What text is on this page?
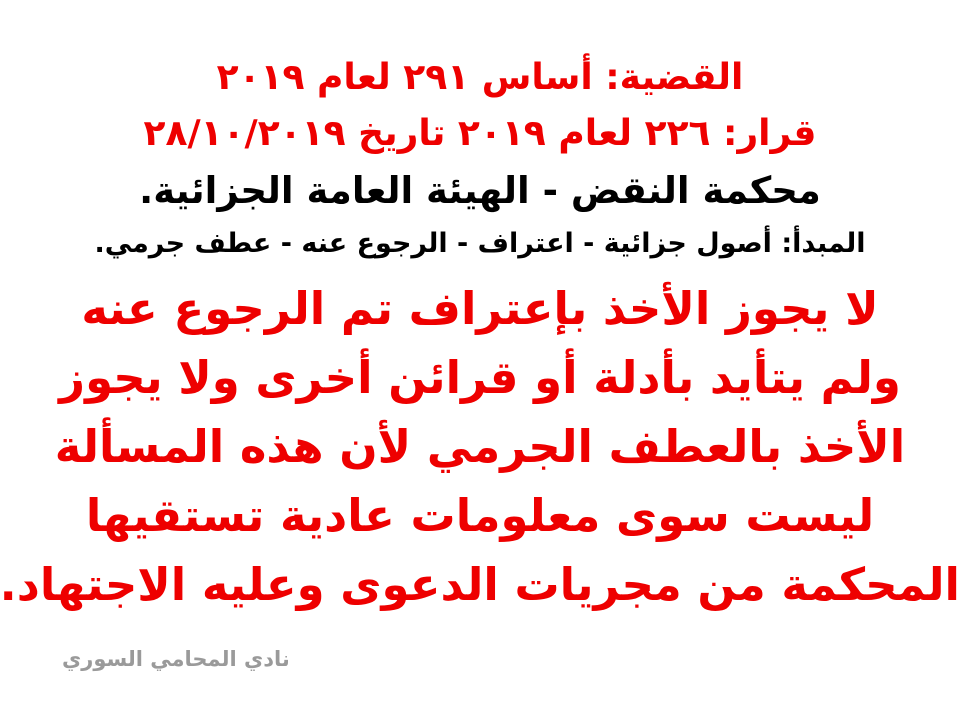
القضية: أساس ٢٩١ لعام ٢٠١٩
قرار: ٢٢٦ لعام ٢٠١٩ تاريخ ٢٨/١٠/٢٠١٩
محكمة النقض - الهيئة العامة الجزائية.
المبدأ: أصول جزائية - اعتراف - الرجوع عنه - عطف جرمي.
لا يجوز الأخذ بإعتراف تم الرجوع عنه
ولم يتأيد بأدلة أو قرائن أخرى ولا يجوز
الأخذ بالعطف الجرمي لأن هذه المسألة
ليست سوى معلومات عادية تستقيها
المحكمة من مجريات الدعوى وعليه الاجتهاد.
نادي المحامي السوري
